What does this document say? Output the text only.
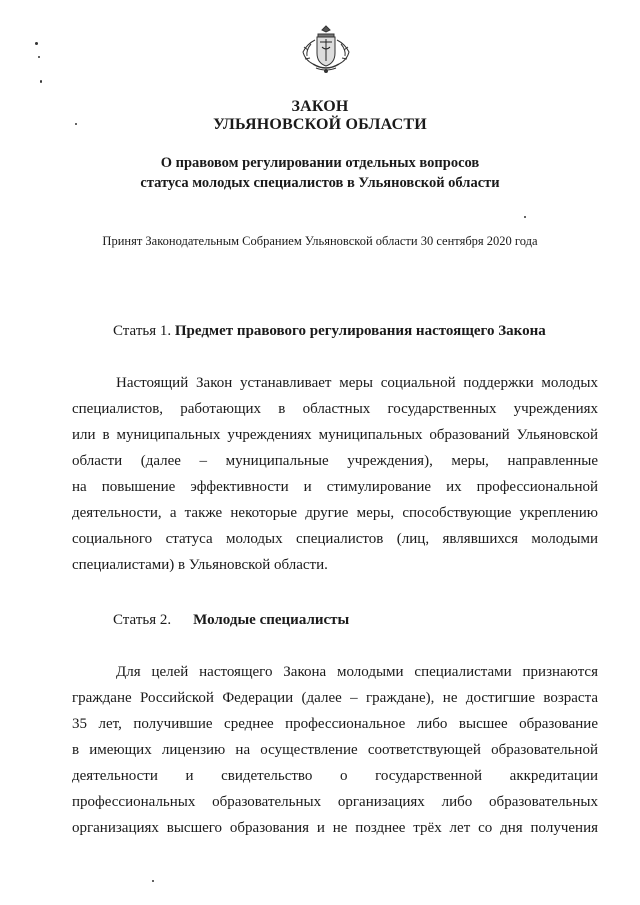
ЗАКОН
УЛЬЯНОВСКОЙ ОБЛАСТИ
О правовом регулировании отдельных вопросов
статуса молодых специалистов в Ульяновской области
Принят Законодательным Собранием Ульяновской области 30 сентября 2020 года
Статья 1. Предмет правового регулирования настоящего Закона
Настоящий Закон устанавливает меры социальной поддержки молодых
специалистов, работающих в областных государственных учреждениях
или в муниципальных учреждениях муниципальных образований Ульяновской
области (далее – муниципальные учреждения), меры, направленные
на повышение эффективности и стимулирование их профессиональной
деятельности, а также некоторые другие меры, способствующие укреплению
социального статуса молодых специалистов (лиц, являвшихся молодыми
специалистами) в Ульяновской области.
Статья 2. Молодые специалисты
Для целей настоящего Закона молодыми специалистами признаются
граждане Российской Федерации (далее – граждане), не достигшие возраста
35 лет, получившие среднее профессиональное либо высшее образование
в имеющих лицензию на осуществление соответствующей образовательной
деятельности и свидетельство о государственной аккредитации
профессиональных образовательных организациях либо образовательных
организациях высшего образования и не позднее трёх лет со дня получения
